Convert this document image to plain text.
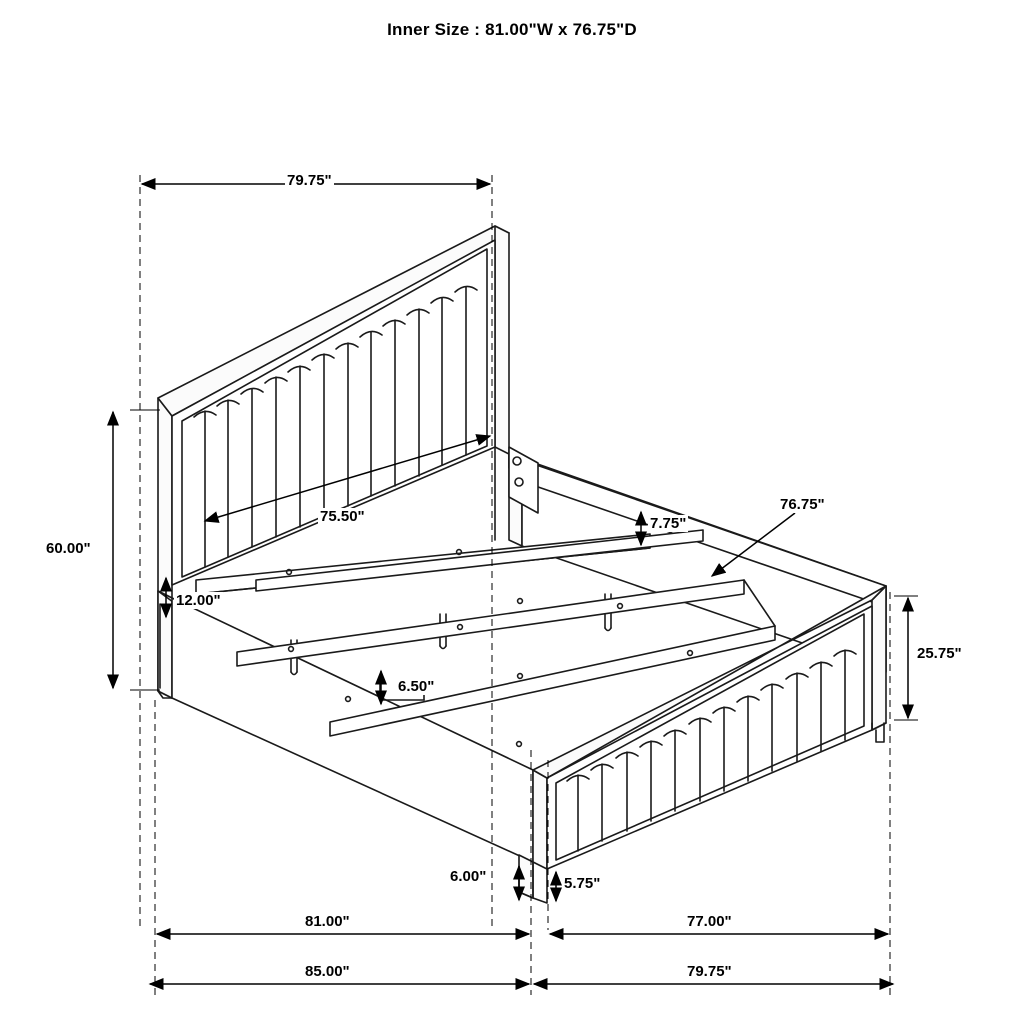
Inner Size : 81.00"W x 76.75"D
79.75"
60.00"
75.50"
12.00"
7.75"
76.75"
25.75"
6.50"
6.00"	5.75"
81.00"	77.00"
85.00"	79.75"
